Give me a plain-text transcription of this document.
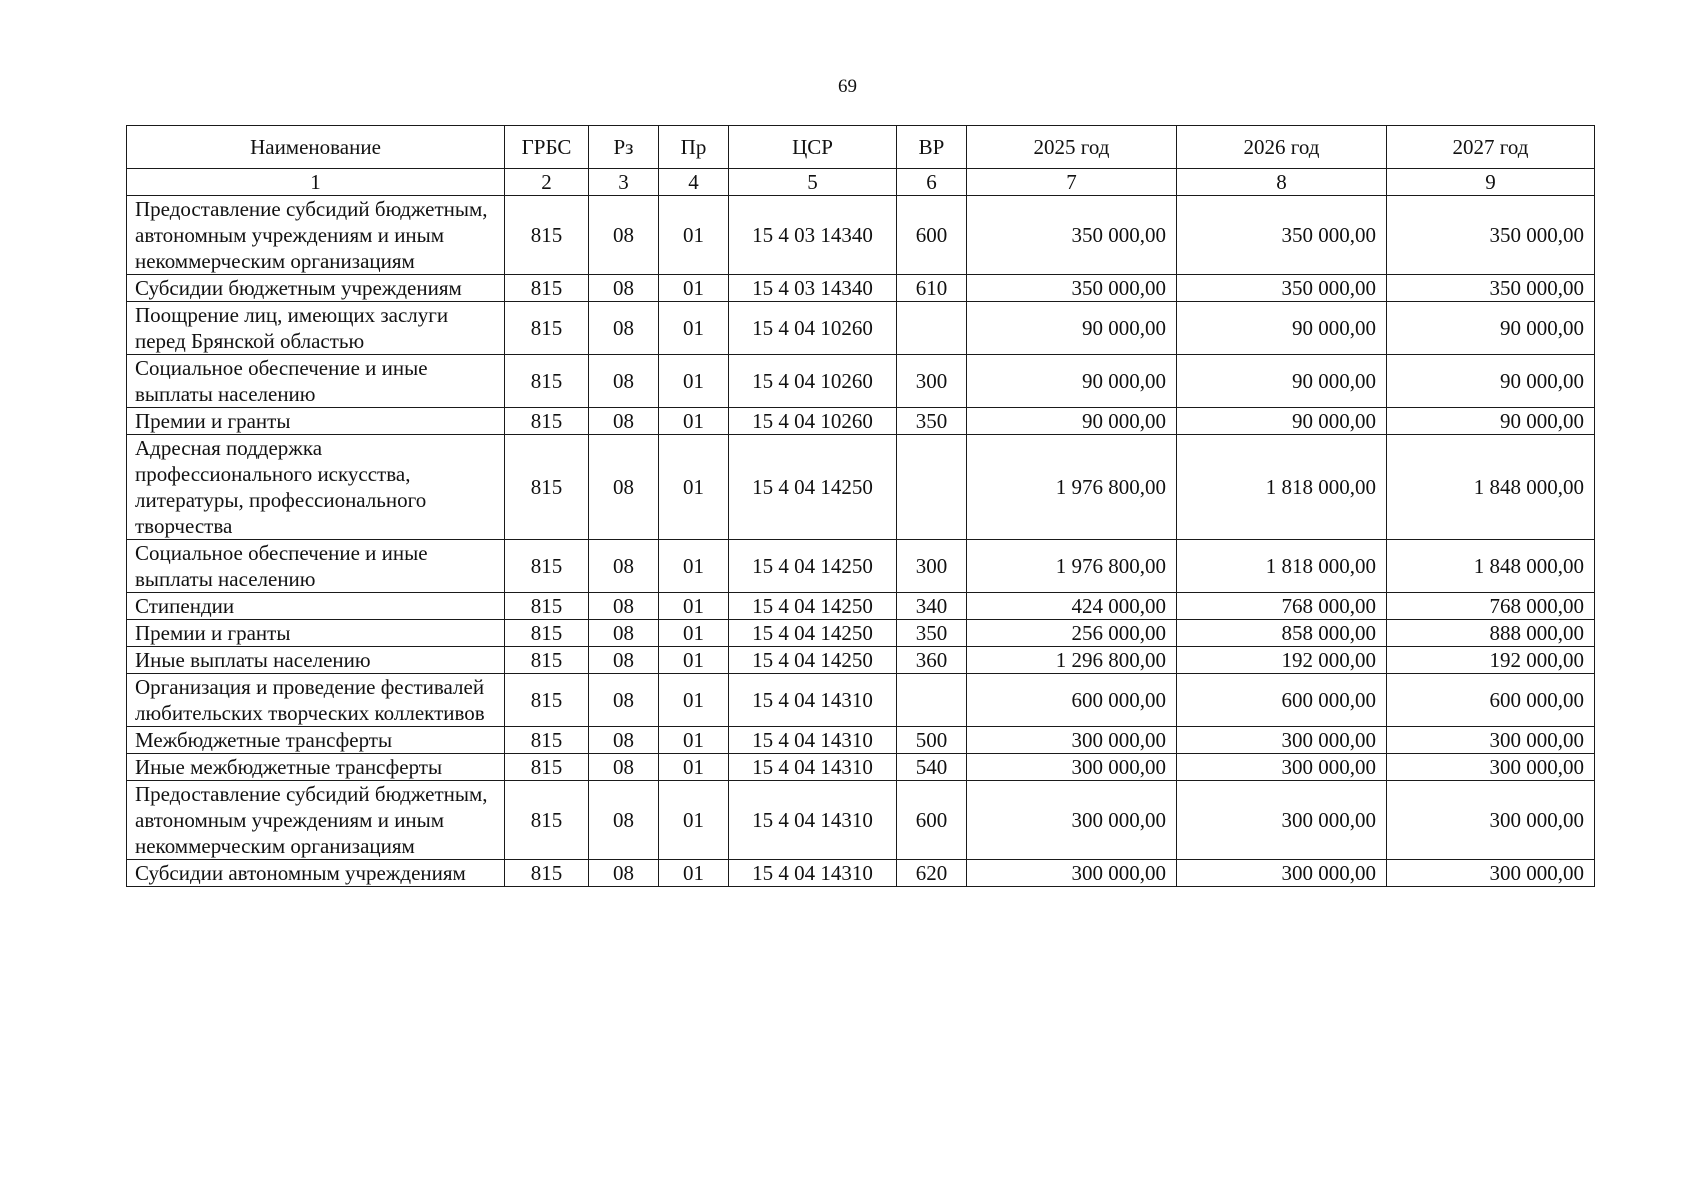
69
Наименование	ГРБС	Рз	Пр	ЦСР	ВР	2025 год	2026 год	2027 год
1	2	3	4	5	6	7	8	9
Предоставление субсидий бюджетным, автономным учреждениям и иным некоммерческим организациям	815	08	01	15 4 03 14340	600	350 000,00	350 000,00	350 000,00
Субсидии бюджетным учреждениям	815	08	01	15 4 03 14340	610	350 000,00	350 000,00	350 000,00
Поощрение лиц, имеющих заслуги перед Брянской областью	815	08	01	15 4 04 10260		90 000,00	90 000,00	90 000,00
Социальное обеспечение и иные выплаты населению	815	08	01	15 4 04 10260	300	90 000,00	90 000,00	90 000,00
Премии и гранты	815	08	01	15 4 04 10260	350	90 000,00	90 000,00	90 000,00
Адресная поддержка профессионального искусства, литературы, профессионального творчества	815	08	01	15 4 04 14250		1 976 800,00	1 818 000,00	1 848 000,00
Социальное обеспечение и иные выплаты населению	815	08	01	15 4 04 14250	300	1 976 800,00	1 818 000,00	1 848 000,00
Стипендии	815	08	01	15 4 04 14250	340	424 000,00	768 000,00	768 000,00
Премии и гранты	815	08	01	15 4 04 14250	350	256 000,00	858 000,00	888 000,00
Иные выплаты населению	815	08	01	15 4 04 14250	360	1 296 800,00	192 000,00	192 000,00
Организация и проведение фестивалей любительских творческих коллективов	815	08	01	15 4 04 14310		600 000,00	600 000,00	600 000,00
Межбюджетные трансферты	815	08	01	15 4 04 14310	500	300 000,00	300 000,00	300 000,00
Иные межбюджетные трансферты	815	08	01	15 4 04 14310	540	300 000,00	300 000,00	300 000,00
Предоставление субсидий бюджетным, автономным учреждениям и иным некоммерческим организациям	815	08	01	15 4 04 14310	600	300 000,00	300 000,00	300 000,00
Субсидии автономным учреждениям	815	08	01	15 4 04 14310	620	300 000,00	300 000,00	300 000,00
